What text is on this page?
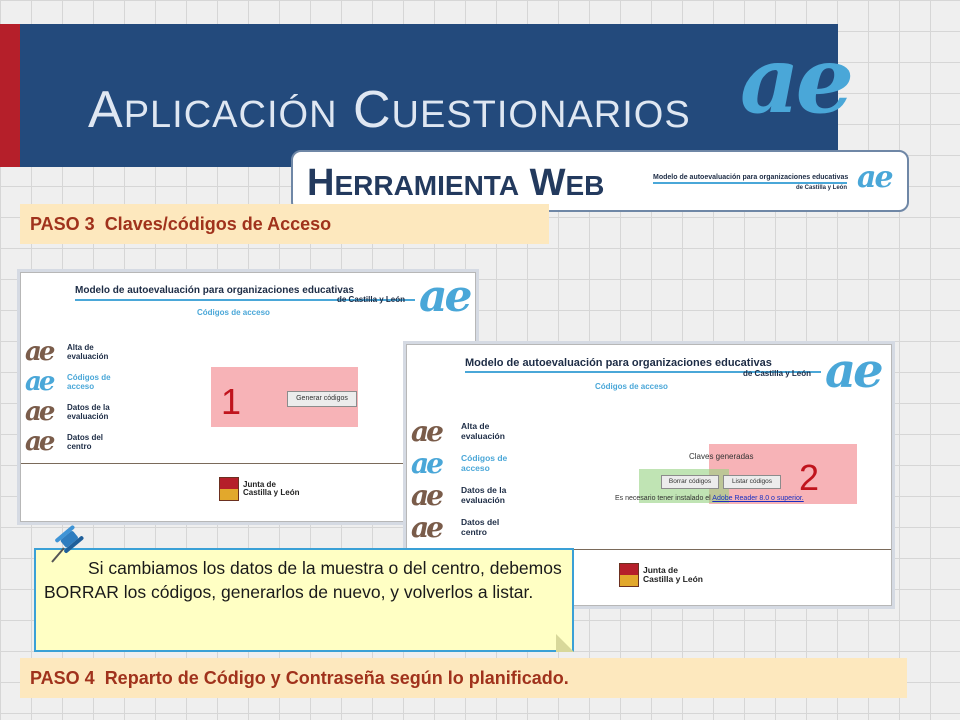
APLICACIÓN CUESTIONARIOS ae
HERRAMIENTA WEB	Modelo de autoevaluación para organizaciones educativas
de Castilla y León ae
PASO 3 Claves/códigos de Acceso
Modelo de autoevaluación para organizaciones educativas
de Castilla y León ae
Códigos de acceso
ae	Alta de
evaluación
ae	Códigos de
acceso
ae	Datos de la
evaluación
ae	Datos del
centro
1	Generar códigos
Junta de
Castilla y León
Modelo de autoevaluación para organizaciones educativas
de Castilla y León ae
Códigos de acceso
ae	Alta de
evaluación
ae	Códigos de
acceso
ae	Datos de la
evaluación
ae	Datos del
centro
Claves generadas
Borrar códigos	Listar códigos
Es necesario tener instalado el Adobe Reader 8.0 o superior.
2
Junta de
Castilla y León
Si cambiamos los datos de la muestra o del centro, debemos BORRAR los códigos, generarlos de nuevo, y volverlos a listar.
PASO 4 Reparto de Código y Contraseña según lo planificado.
